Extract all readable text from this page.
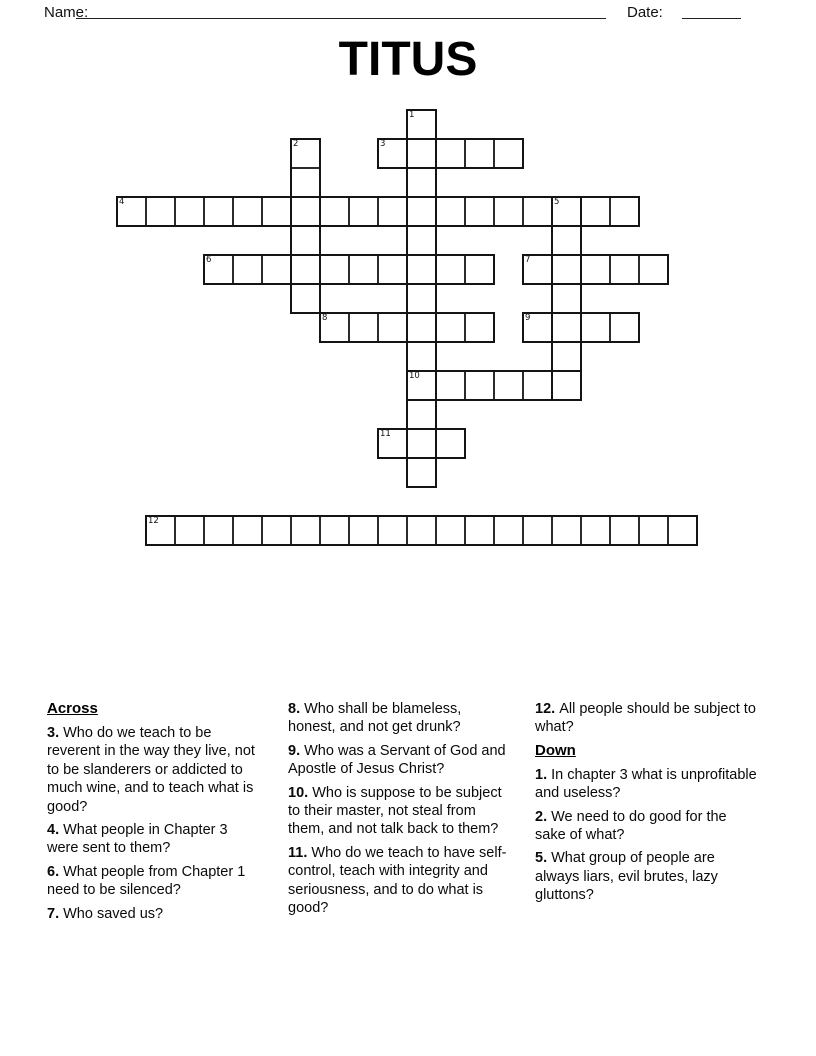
Name:	Date:
TITUS
1
2	3
4	5
6	7
8	9
10
11
12
Across
3. Who do we teach to be reverent in the way they live, not to be slanderers or addicted to much wine, and to teach what is good?
4. What people in Chapter 3 were sent to them?
6. What people from Chapter 1 need to be silenced?
7. Who saved us?
8. Who shall be blameless, honest, and not get drunk?
9. Who was a Servant of God and Apostle of Jesus Christ?
10. Who is suppose to be subject to their master, not steal from them, and not talk back to them?
11. Who do we teach to have self-control, teach with integrity and seriousness, and to do what is good?
12. All people should be subject to what?
Down
1. In chapter 3 what is unprofitable and useless?
2. We need to do good for the sake of what?
5. What group of people are always liars, evil brutes, lazy gluttons?
